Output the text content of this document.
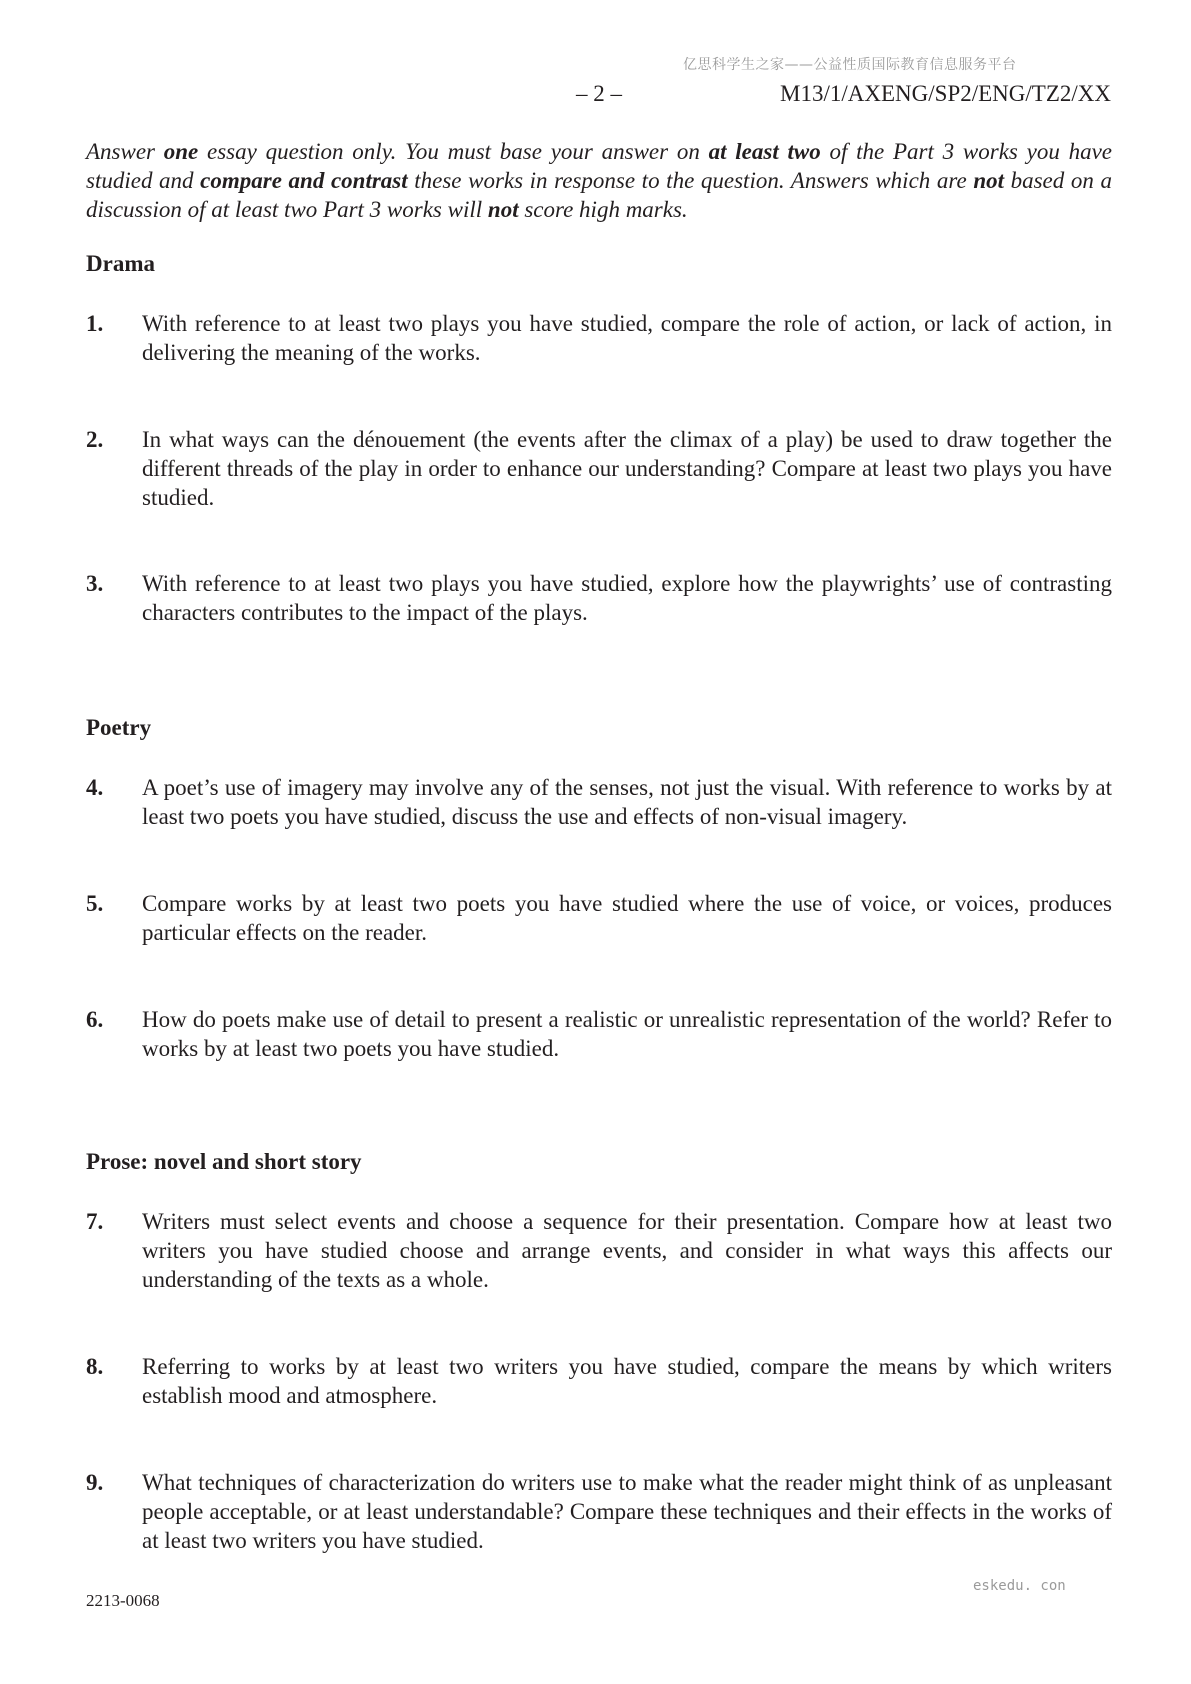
亿思科学生之家——公益性质国际教育信息服务平台
– 2 –	M13/1/AXENG/SP2/ENG/TZ2/XX
Answer one essay question only. You must base your answer on at least two of the Part 3 works you have studied and compare and contrast these works in response to the question. Answers which are not based on a discussion of at least two Part 3 works will not score high marks.
Drama
1. With reference to at least two plays you have studied, compare the role of action, or lack of action, in delivering the meaning of the works.
2. In what ways can the dénouement (the events after the climax of a play) be used to draw together the different threads of the play in order to enhance our understanding? Compare at least two plays you have studied.
3. With reference to at least two plays you have studied, explore how the playwrights’ use of contrasting characters contributes to the impact of the plays.
Poetry
4. A poet’s use of imagery may involve any of the senses, not just the visual. With reference to works by at least two poets you have studied, discuss the use and effects of non-visual imagery.
5. Compare works by at least two poets you have studied where the use of voice, or voices, produces particular effects on the reader.
6. How do poets make use of detail to present a realistic or unrealistic representation of the world? Refer to works by at least two poets you have studied.
Prose: novel and short story
7. Writers must select events and choose a sequence for their presentation. Compare how at least two writers you have studied choose and arrange events, and consider in what ways this affects our understanding of the texts as a whole.
8. Referring to works by at least two writers you have studied, compare the means by which writers establish mood and atmosphere.
9. What techniques of characterization do writers use to make what the reader might think of as unpleasant people acceptable, or at least understandable? Compare these techniques and their effects in the works of at least two writers you have studied.
eskedu. con
2213-0068
